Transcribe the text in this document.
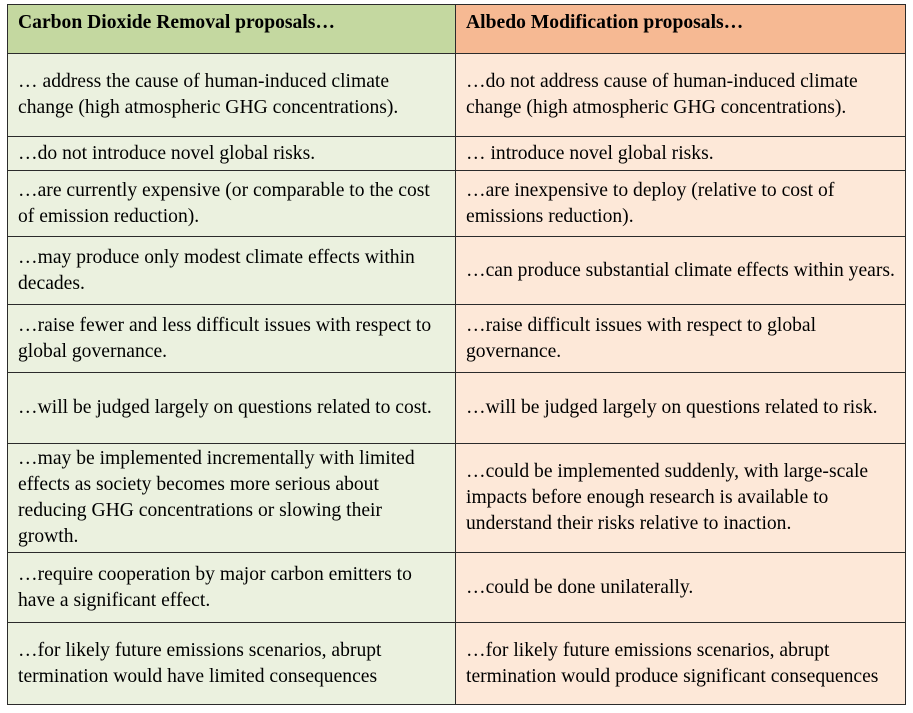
Carbon Dioxide Removal proposals…	Albedo Modification proposals…
… address the cause of human-induced climate change (high atmospheric GHG concentrations).	…do not address cause of human-induced climate change (high atmospheric GHG concentrations).
…do not introduce novel global risks.	… introduce novel global risks.
…are currently expensive (or comparable to the cost of emission reduction).	…are inexpensive to deploy (relative to cost of emissions reduction).
…may produce only modest climate effects within decades.	…can produce substantial climate effects within years.
…raise fewer and less difficult issues with respect to global governance.	…raise difficult issues with respect to global governance.
…will be judged largely on questions related to cost.	…will be judged largely on questions related to risk.
…may be implemented incrementally with limited effects as society becomes more serious about reducing GHG concentrations or slowing their growth.	…could be implemented suddenly, with large-scale impacts before enough research is available to understand their risks relative to inaction.
…require cooperation by major carbon emitters to have a significant effect.	…could be done unilaterally.
…for likely future emissions scenarios, abrupt termination would have limited consequences	…for likely future emissions scenarios, abrupt termination would produce significant consequences
